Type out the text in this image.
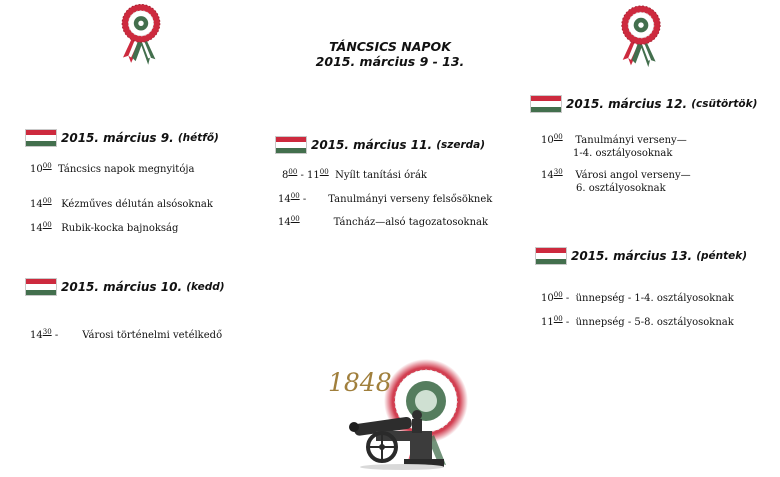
TÁNCSICS NAPOK
2015. március 9 - 13.
2015. március 9.
(hétfő)
$10^{00}$ Táncsics napok megnyitója
$14^{00}$ Kézműves délután alsósoknak
$14^{00}$ Rubik-kocka bajnokság
2015. március 10.
(kedd)
$14^{30}$ - Városi történelmi vetélkedő
2015. március 11.
(szerda)
$8^{00} - 11^{00}$ Nyílt tanítási órák
$14^{00}$ - Tanulmányi verseny felsősöknek
$14^{00}$	Táncház—alsó tagozatosoknak
2015. március 12.
(csütörtök)
$10^{00}$ Tanulmányi verseny—
1-4. osztályosoknak
$14^{30}$ Városi angol verseny—
6. osztályosoknak
2015. március 13.
(péntek)
$10^{00}$ - ünnepség - 1-4. osztályosoknak
$11^{00}$ - ünnepség - 5-8. osztályosoknak
1848
